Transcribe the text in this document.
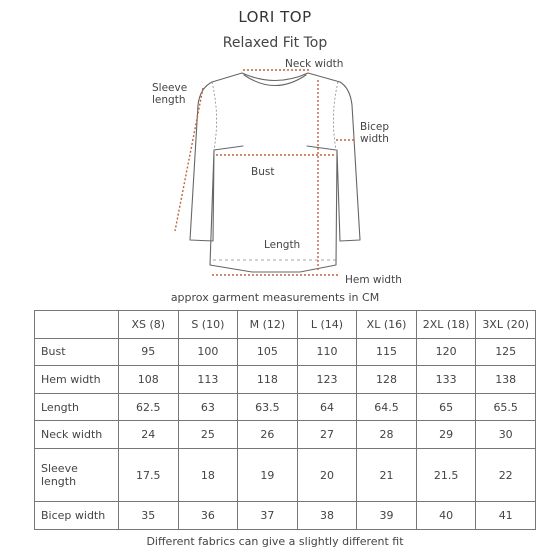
LORI TOP
Relaxed Fit Top
Neck width
Sleeve
length
Bicep
width
Bust
Length
Hem width
approx garment measurements in CM
	XS (8)	S (10)	M (12)	L (14)	XL (16)	2XL (18)	3XL (20)
Bust	95	100	105	110	115	120	125
Hem width	108	113	118	123	128	133	138
Length	62.5	63	63.5	64	64.5	65	65.5
Neck width	24	25	26	27	28	29	30
Sleeve length	17.5	18	19	20	21	21.5	22
Bicep width	35	36	37	38	39	40	41
Different fabrics can give a slightly different fit
